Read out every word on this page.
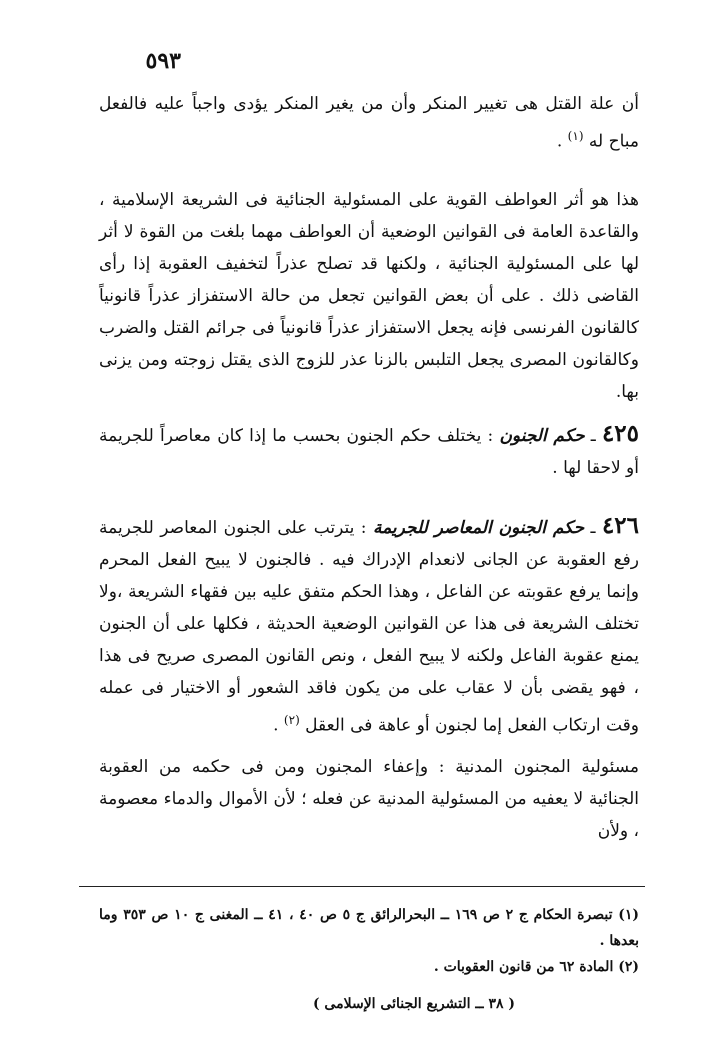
٥٩٣

أن علة القتل هى تغيير المنكر وأن من يغير المنكر يؤدى واجباً عليه فالفعل مباح له $^{(١)}$ .

هذا هو أثر العواطف القوية على المسئولية الجنائية فى الشريعة الإسلامية ، والقاعدة العامة فى القوانين الوضعية أن العواطف مهما بلغت من القوة لا أثر لها على المسئولية الجنائية ، ولكنها قد تصلح عذراً لتخفيف العقوبة إذا رأى القاضى ذلك . على أن بعض القوانين تجعل من حالة الاستفزاز عذراً قانونياً كالقانون الفرنسى فإنه يجعل الاستفزاز عذراً قانونياً فى جرائم القتل والضرب وكالقانون المصرى يجعل التلبس بالزنا عذر للزوج الذى يقتل زوجته ومن يزنى بها.

٤٢٥ ـ حكم الجنون : يختلف حكم الجنون بحسب ما إذا كان معاصراً للجريمة أو لاحقا لها .

٤٢٦ ـ حكم الجنون المعاصر للجريمة : يترتب على الجنون المعاصر للجريمة رفع العقوبة عن الجانى لانعدام الإدراك فيه . فالجنون لا يبيح الفعل المحرم وإنما يرفع عقوبته عن الفاعل ، وهذا الحكم متفق عليه بين فقهاء الشريعة ،ولا تختلف الشريعة فى هذا عن القوانين الوضعية الحديثة ، فكلها على أن الجنون يمنع عقوبة الفاعل ولكنه لا يبيح الفعل ، ونص القانون المصرى صريح فى هذا ، فهو يقضى بأن لا عقاب على من يكون فاقد الشعور أو الاختيار فى عمله وقت ارتكاب الفعل إما لجنون أو عاهة فى العقل $^{(٢)}$ .

مسئولية المجنون المدنية : وإعفاء المجنون ومن فى حكمه من العقوبة الجنائية لا يعفيه من المسئولية المدنية عن فعله ؛ لأن الأموال والدماء معصومة ، ولأن

(١) تبصرة الحكام ج ٢ ص ١٦٩ ــ البحرالرائق ج ٥ ص ٤٠ ، ٤١ ــ المغنى ج ١٠ ص ٣٥٣ وما بعدها .

(٢) المادة ٦٢ من قانون العقوبات .

( ٣٨ ــ التشريع الجنائى الإسلامى )
